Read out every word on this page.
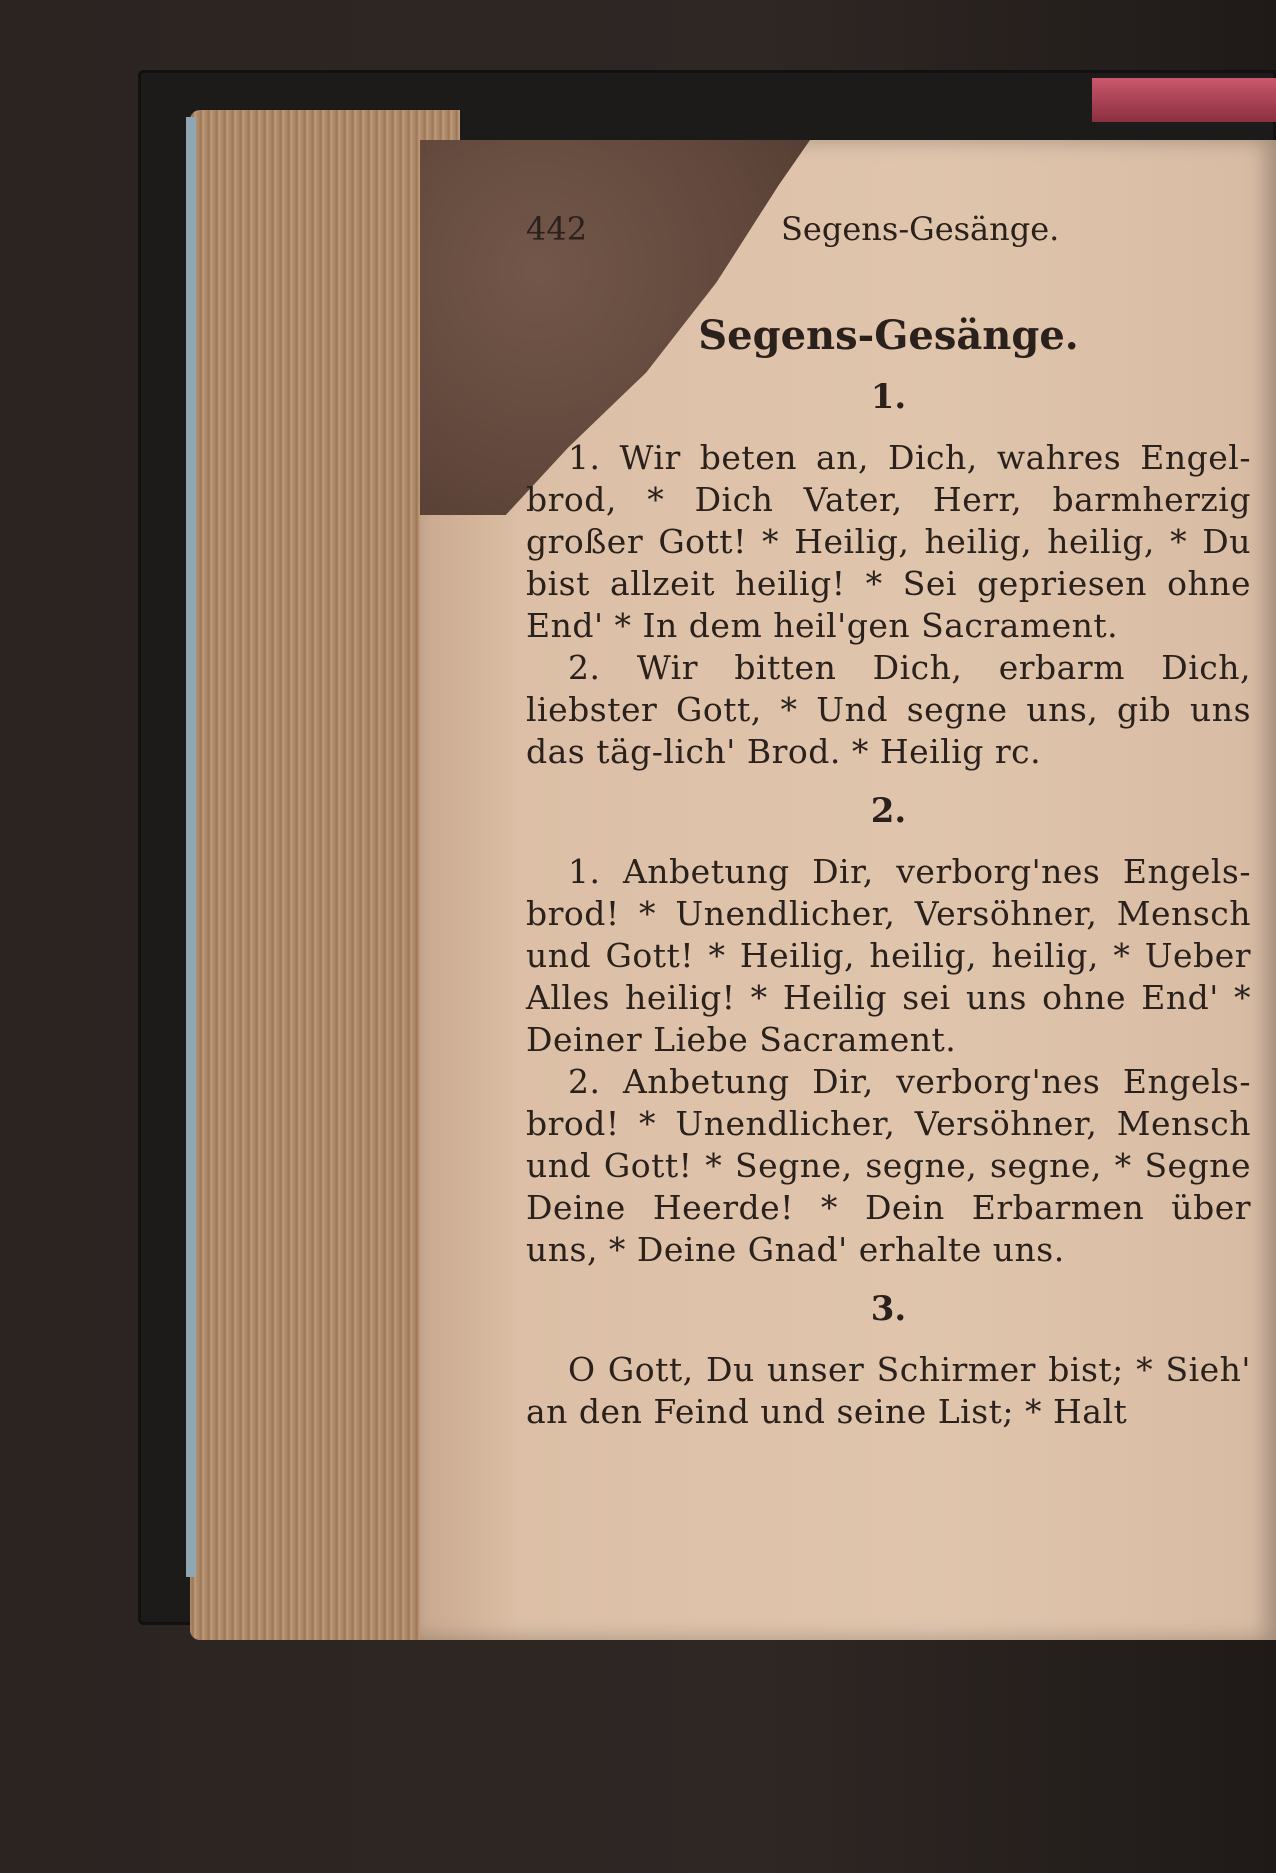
442	Segens-Gesänge.
Segens-Gesänge.
1.

1. Wir beten an, Dich, wahres Engel-brod, * Dich Vater, Herr, barmherzig großer Gott! * Heilig, heilig, heilig, * Du bist allzeit heilig! * Sei gepriesen ohne End' * In dem heil'gen Sacrament.

2. Wir bitten Dich, erbarm Dich, liebster Gott, * Und segne uns, gib uns das täg-lich' Brod. * Heilig rc.

2.

1. Anbetung Dir, verborg'nes Engels-brod! * Unendlicher, Versöhner, Mensch und Gott! * Heilig, heilig, heilig, * Ueber Alles heilig! * Heilig sei uns ohne End' * Deiner Liebe Sacrament.

2. Anbetung Dir, verborg'nes Engels-brod! * Unendlicher, Versöhner, Mensch und Gott! * Segne, segne, segne, * Segne Deine Heerde! * Dein Erbarmen über uns, * Deine Gnad' erhalte uns.

3.

O Gott, Du unser Schirmer bist; * Sieh' an den Feind und seine List; * Halt
